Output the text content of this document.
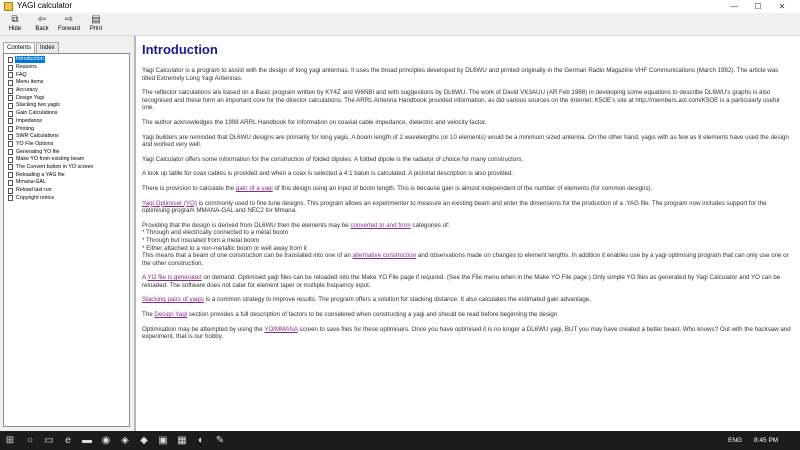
YAGI calculator	—	☐	✕
⧉
Hide
⇦
Back
⇨
Forward
▤
Print
Contents	Index
Introduction
Reasons
FAQ
Menu items
Accuracy
Design Yagi
Stacking two yagis
Gain Calculations
Impedance
Printing
SWR Calculations
YO File Options
Generating YO file
Make YO from existing beam
The Convert button in YO screen
Reloading a YAG file
Mmana-GAL
Reload last run
Copyright notice
Introduction

Yagi Calculator is a program to assist with the design of long yagi antennas. It uses the broad principles developed by DL6WU and printed originally in the German Radio Magazine VHF Communications (March 1982). The article was titled Extremely Long Yagi Antennas.

The reflector calculations are based on a Basic program written by KY4Z and W6NBI and with suggestions by DL6WU. The work of David VK3AUU (AR Feb 1988) in developing some equations to describe DL6WU's graphs is also recognised and these form an important core for the director calculations. The ARRL Antenna Handbook provided information, as did various sources on the Internet. K5OE's site at http://members.aol.com/K5OE is a particularly useful one.

The author acknowledges the 1998 ARRL Handbook for information on coaxial cable impedance, dielectric and velocity factor.

Yagi builders are reminded that DL6WU designs are primarily for long yagis. A boom length of 2 wavelengths (or 10 elements) would be a minimum sized antenna. On the other hand, yagis with as few as 8 elements have used the design and worked very well.

Yagi Calculator offers some information for the construction of folded dipoles. A folded dipole is the radiator of choice for many constructors.

A look up table for coax cables is provided and when a coax is selected a 4:1 balun is calculated. A pictorial description is also provided.

There is provision to calculate the gain of a yagi of this design using an input of boom length. This is because gain is almost independent of the number of elements (for common designs).

Yagi Optimiser (YO) is commonly used to fine tune designs. This program allows an experimenter to measure an existing beam and enter the dimensions for the production of a .YAG file. The program now includes support for the optimising program MMANA-GAL and NEC2 for Mmana.

Providing that the design is derived from DL6WU then the elements may be converted to and from categories of:
* Through and electrically connected to a metal boom
* Through but insulated from a metal boom
* Either attached to a non-metallic boom or well away from it
This means that a beam of one construction can be translated into one of an alternative construction and observations made on changes to element lengths. In addition it enables use by a yagi optimising program that can only use one or the other construction.

A YO file is generated on demand. Optimised yagi files can be reloaded into the Make YO File page if required. (See the File menu when in the Make YO File page.) Only simple YO files as generated by Yagi Calculator and YO can be reloaded. The software does not cater for element taper or multiple frequency input.

Stacking pairs of yagis is a common strategy to improve results. The program offers a solution for stacking distance. It also calculates the estimated gain advantage.

The Design Yagi section provides a full description of factors to be considered when constructing a yagi and should be read before beginning the design

Optimisation may be attempted by using the YO/MMANA screen to save files for these optimisers. Once you have optimised it is no longer a DL6WU yagi, BUT you may have created a better beast. Who knows? Out with the hacksaw and experiment, that is our hobby.

ENG 8:45 PM
⊞	○	▭	e	▬ ◉	◈	◆	▣ ▦	◐	✎
